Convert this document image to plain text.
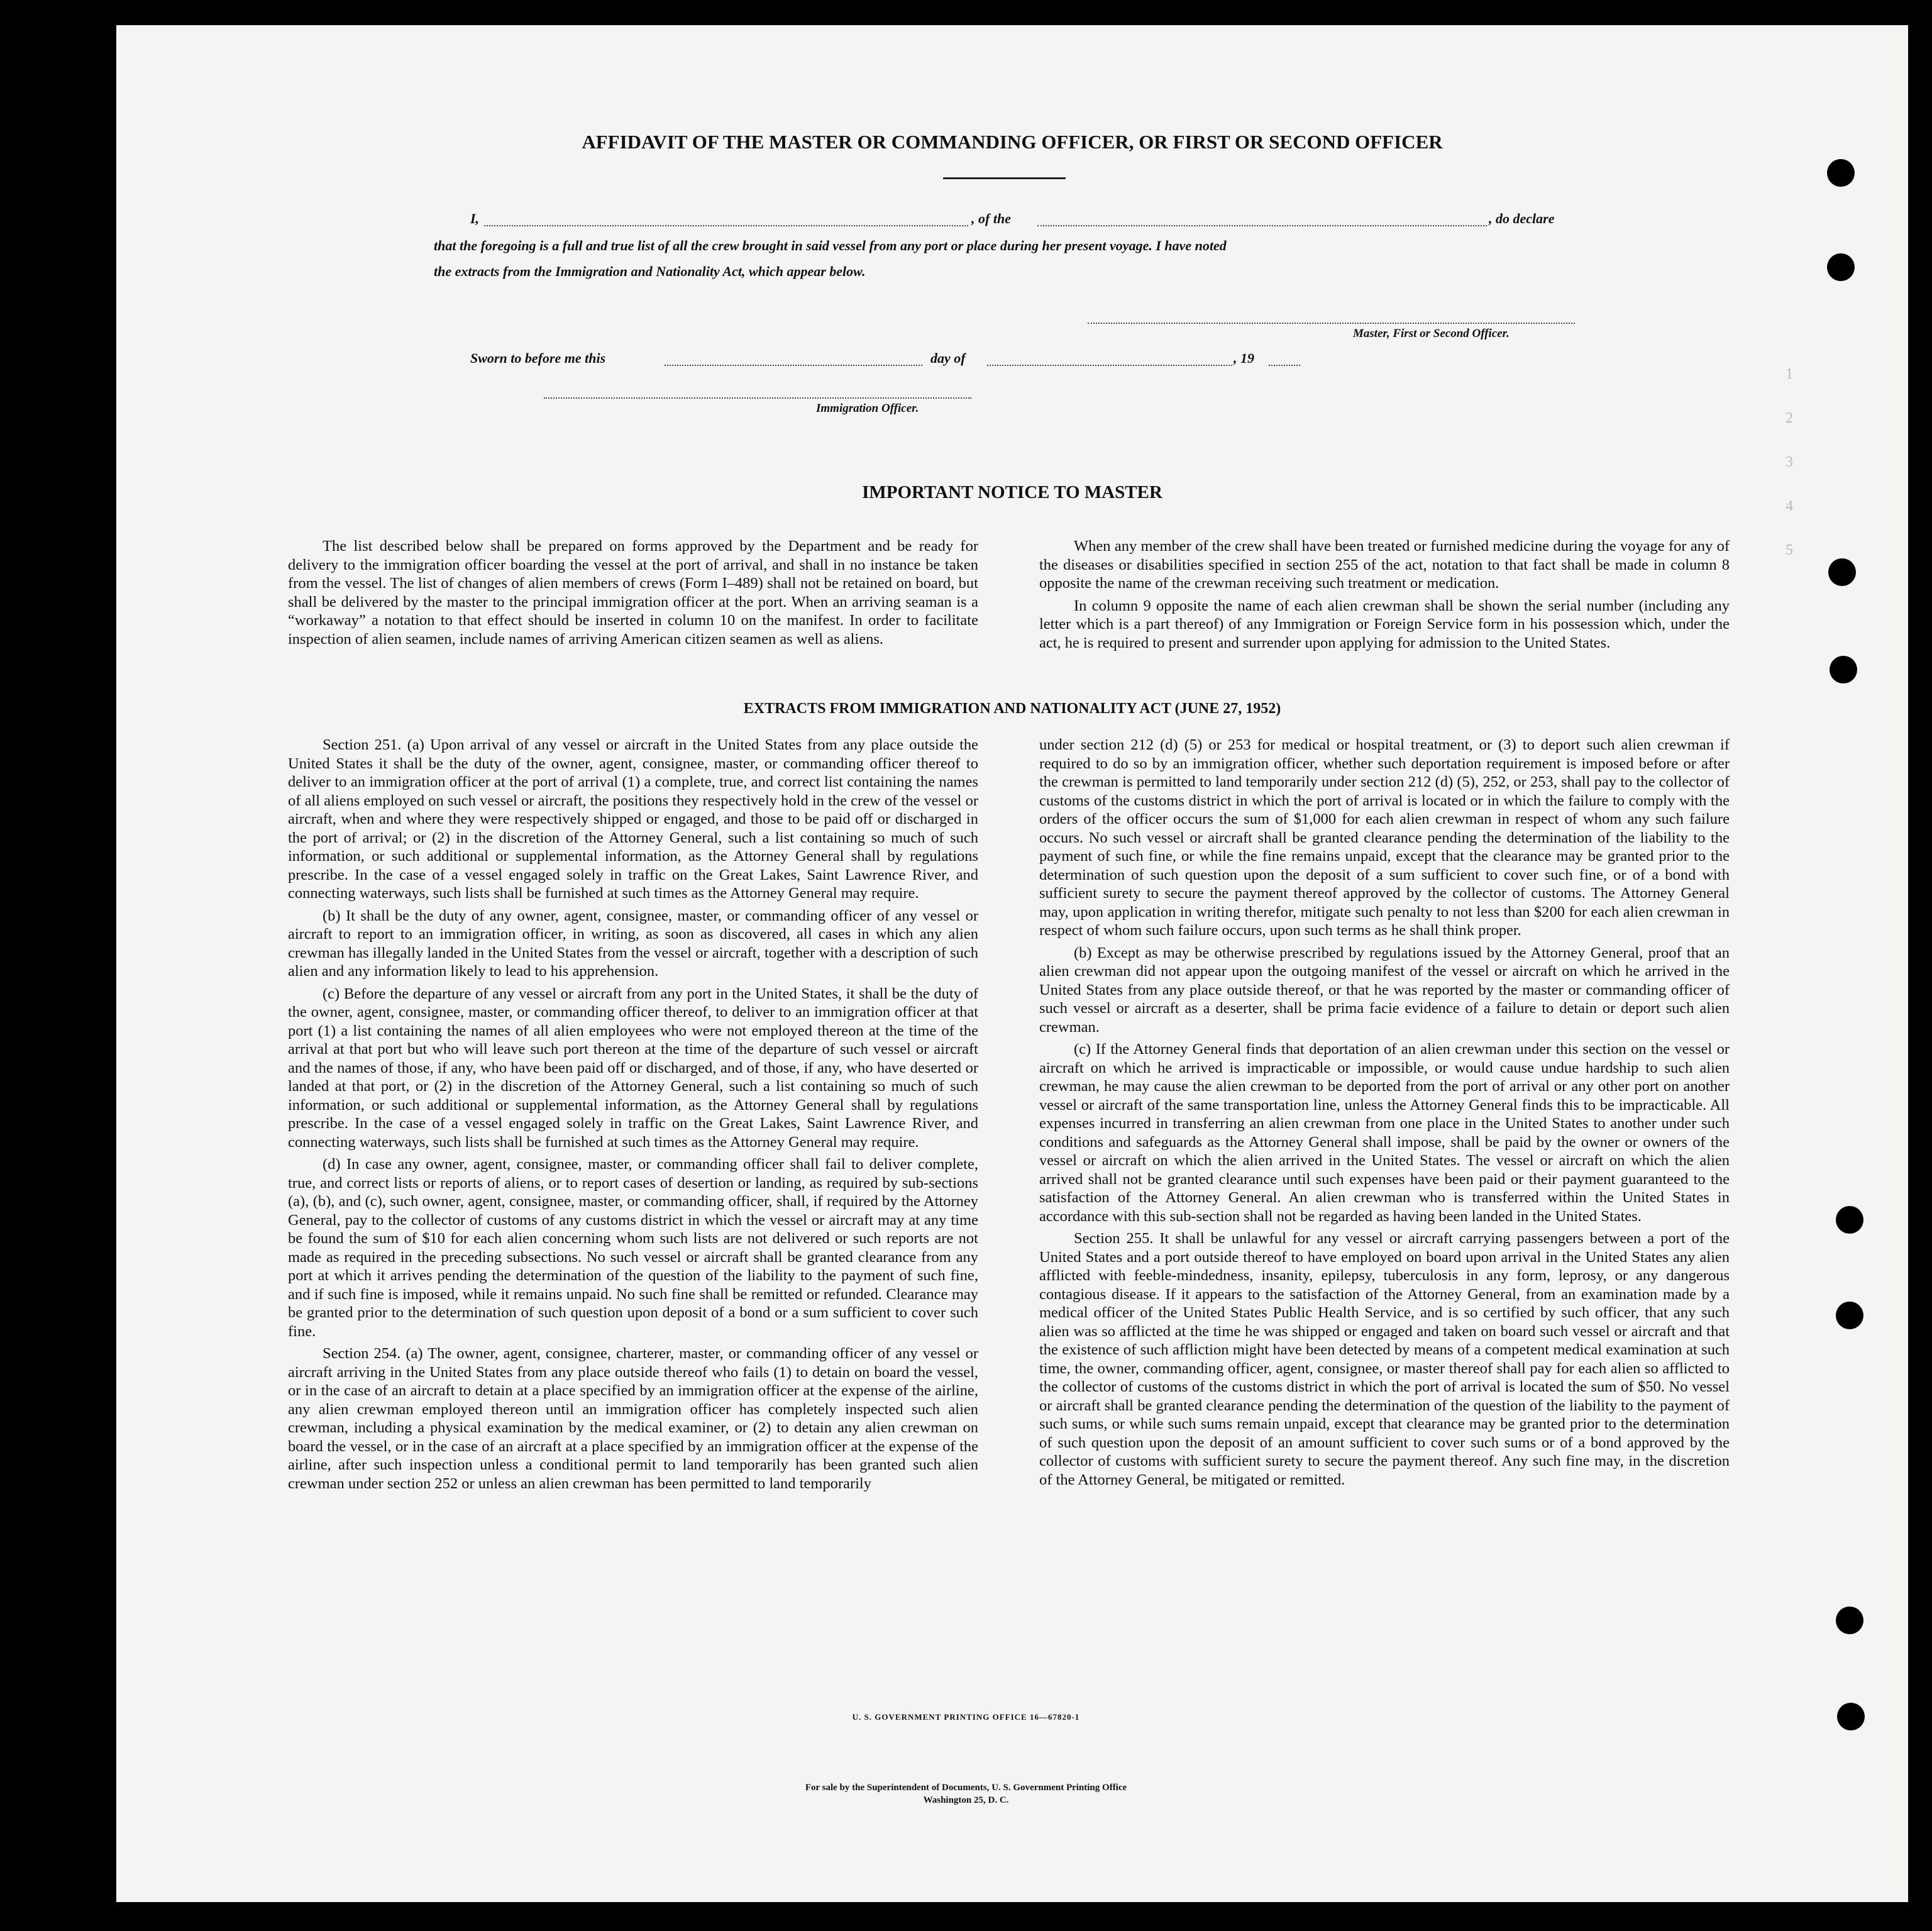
1
2
3
4
5
AFFIDAVIT OF THE MASTER OR COMMANDING OFFICER, OR FIRST OR SECOND OFFICER
I,	, of the	, do declare
that the foregoing is a full and true list of all the crew brought in said vessel from any port or place during her present voyage. I have noted
the extracts from the Immigration and Nationality Act, which appear below.
Master, First or Second Officer.
Sworn to before me this	day of	, 19
Immigration Officer.
IMPORTANT NOTICE TO MASTER

The list described below shall be prepared on forms approved by the Department and be ready for delivery to the immigration officer boarding the vessel at the port of arrival, and shall in no instance be taken from the vessel. The list of changes of alien members of crews (Form I–489) shall not be retained on board, but shall be delivered by the master to the principal immigration officer at the port. When an arriving seaman is a “workaway” a notation to that effect should be inserted in column 10 on the manifest. In order to facilitate inspection of alien seamen, include names of arriving American citizen seamen as well as aliens.

When any member of the crew shall have been treated or furnished medicine during the voyage for any of the diseases or disabilities specified in section 255 of the act, notation to that fact shall be made in column 8 opposite the name of the crewman receiving such treatment or medication.

In column 9 opposite the name of each alien crewman shall be shown the serial number (including any letter which is a part thereof) of any Immigration or Foreign Service form in his possession which, under the act, he is required to present and surrender upon applying for admission to the United States.

EXTRACTS FROM IMMIGRATION AND NATIONALITY ACT (JUNE 27, 1952)

Section 251. (a) Upon arrival of any vessel or aircraft in the United States from any place outside the United States it shall be the duty of the owner, agent, consignee, master, or commanding officer thereof to deliver to an immigration officer at the port of arrival (1) a complete, true, and correct list containing the names of all aliens employed on such vessel or aircraft, the positions they respectively hold in the crew of the vessel or aircraft, when and where they were respectively shipped or engaged, and those to be paid off or discharged in the port of arrival; or (2) in the discretion of the Attorney General, such a list containing so much of such information, or such additional or supplemental information, as the Attorney General shall by regulations prescribe. In the case of a vessel engaged solely in traffic on the Great Lakes, Saint Lawrence River, and connecting waterways, such lists shall be furnished at such times as the Attorney General may require.

(b) It shall be the duty of any owner, agent, consignee, master, or commanding officer of any vessel or aircraft to report to an immigration officer, in writing, as soon as discovered, all cases in which any alien crewman has illegally landed in the United States from the vessel or aircraft, together with a description of such alien and any information likely to lead to his apprehension.

(c) Before the departure of any vessel or aircraft from any port in the United States, it shall be the duty of the owner, agent, consignee, master, or commanding officer thereof, to deliver to an immigration officer at that port (1) a list containing the names of all alien employees who were not employed thereon at the time of the arrival at that port but who will leave such port thereon at the time of the departure of such vessel or aircraft and the names of those, if any, who have been paid off or discharged, and of those, if any, who have deserted or landed at that port, or (2) in the discretion of the Attorney General, such a list containing so much of such information, or such additional or supplemental information, as the Attorney General shall by regulations prescribe. In the case of a vessel engaged solely in traffic on the Great Lakes, Saint Lawrence River, and connecting waterways, such lists shall be furnished at such times as the Attorney General may require.

(d) In case any owner, agent, consignee, master, or commanding officer shall fail to deliver complete, true, and correct lists or reports of aliens, or to report cases of desertion or landing, as required by sub-sections (a), (b), and (c), such owner, agent, consignee, master, or commanding officer, shall, if required by the Attorney General, pay to the collector of customs of any customs district in which the vessel or aircraft may at any time be found the sum of $10 for each alien concerning whom such lists are not delivered or such reports are not made as required in the preceding subsections. No such vessel or aircraft shall be granted clearance from any port at which it arrives pending the determination of the question of the liability to the payment of such fine, and if such fine is imposed, while it remains unpaid. No such fine shall be remitted or refunded. Clearance may be granted prior to the determination of such question upon deposit of a bond or a sum sufficient to cover such fine.

Section 254. (a) The owner, agent, consignee, charterer, master, or commanding officer of any vessel or aircraft arriving in the United States from any place outside thereof who fails (1) to detain on board the vessel, or in the case of an aircraft to detain at a place specified by an immigration officer at the expense of the airline, any alien crewman employed thereon until an immigration officer has completely inspected such alien crewman, including a physical examination by the medical examiner, or (2) to detain any alien crewman on board the vessel, or in the case of an aircraft at a place specified by an immigration officer at the expense of the airline, after such inspection unless a conditional permit to land temporarily has been granted such alien crewman under section 252 or unless an alien crewman has been permitted to land temporarily

under section 212 (d) (5) or 253 for medical or hospital treatment, or (3) to deport such alien crewman if required to do so by an immigration officer, whether such deportation requirement is imposed before or after the crewman is permitted to land temporarily under section 212 (d) (5), 252, or 253, shall pay to the collector of customs of the customs district in which the port of arrival is located or in which the failure to comply with the orders of the officer occurs the sum of $1,000 for each alien crewman in respect of whom any such failure occurs. No such vessel or aircraft shall be granted clearance pending the determination of the liability to the payment of such fine, or while the fine remains unpaid, except that the clearance may be granted prior to the determination of such question upon the deposit of a sum sufficient to cover such fine, or of a bond with sufficient surety to secure the payment thereof approved by the collector of customs. The Attorney General may, upon application in writing therefor, mitigate such penalty to not less than $200 for each alien crewman in respect of whom such failure occurs, upon such terms as he shall think proper.

(b) Except as may be otherwise prescribed by regulations issued by the Attorney General, proof that an alien crewman did not appear upon the outgoing manifest of the vessel or aircraft on which he arrived in the United States from any place outside thereof, or that he was reported by the master or commanding officer of such vessel or aircraft as a deserter, shall be prima facie evidence of a failure to detain or deport such alien crewman.

(c) If the Attorney General finds that deportation of an alien crewman under this section on the vessel or aircraft on which he arrived is impracticable or impossible, or would cause undue hardship to such alien crewman, he may cause the alien crewman to be deported from the port of arrival or any other port on another vessel or aircraft of the same transportation line, unless the Attorney General finds this to be impracticable. All expenses incurred in transferring an alien crewman from one place in the United States to another under such conditions and safeguards as the Attorney General shall impose, shall be paid by the owner or owners of the vessel or aircraft on which the alien arrived in the United States. The vessel or aircraft on which the alien arrived shall not be granted clearance until such expenses have been paid or their payment guaranteed to the satisfaction of the Attorney General. An alien crewman who is transferred within the United States in accordance with this sub-section shall not be regarded as having been landed in the United States.

Section 255. It shall be unlawful for any vessel or aircraft carrying passengers between a port of the United States and a port outside thereof to have employed on board upon arrival in the United States any alien afflicted with feeble-mindedness, insanity, epilepsy, tuberculosis in any form, leprosy, or any dangerous contagious disease. If it appears to the satisfaction of the Attorney General, from an examination made by a medical officer of the United States Public Health Service, and is so certified by such officer, that any such alien was so afflicted at the time he was shipped or engaged and taken on board such vessel or aircraft and that the existence of such affliction might have been detected by means of a competent medical examination at such time, the owner, commanding officer, agent, consignee, or master thereof shall pay for each alien so afflicted to the collector of customs of the customs district in which the port of arrival is located the sum of $50. No vessel or aircraft shall be granted clearance pending the determination of the question of the liability to the payment of such sums, or while such sums remain unpaid, except that clearance may be granted prior to the determination of such question upon the deposit of an amount sufficient to cover such sums or of a bond approved by the collector of customs with sufficient surety to secure the payment thereof. Any such fine may, in the discretion of the Attorney General, be mitigated or remitted.

U. S. GOVERNMENT PRINTING OFFICE 16—67820-1
For sale by the Superintendent of Documents, U. S. Government Printing Office
Washington 25, D. C.
